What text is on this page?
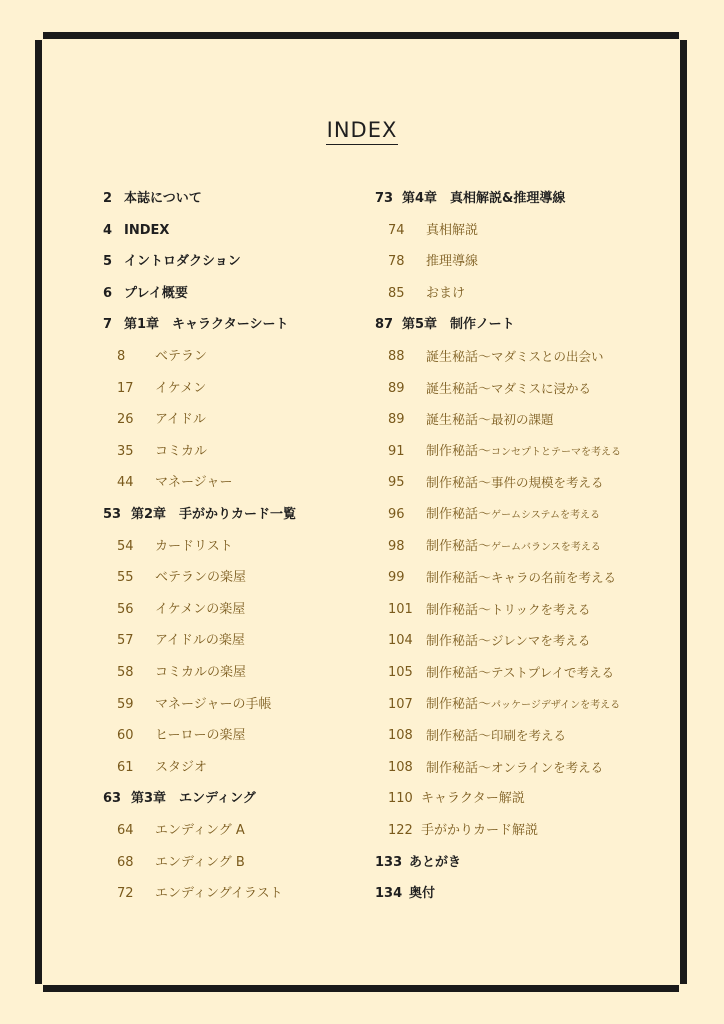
INDEX
2 本誌について
4 INDEX
5 イントロダクション
6 プレイ概要
7 第1章　キャラクターシート
8 ベテラン
17 イケメン
26 アイドル
35 コミカル
44 マネージャー
53 第2章　手がかりカード一覧
54 カードリスト
55 ベテランの楽屋
56 イケメンの楽屋
57 アイドルの楽屋
58 コミカルの楽屋
59 マネージャーの手帳
60 ヒーローの楽屋
61 スタジオ
63 第3章　エンディング
64 エンディング A
68 エンディング B
72 エンディングイラスト
73 第4章　真相解説&推理導線
74 真相解説
78 推理導線
85 おまけ
87 第5章　制作ノート
88 誕生秘話〜マダミスとの出会い
89 誕生秘話〜マダミスに浸かる
89 誕生秘話〜最初の課題
91 制作秘話〜コンセプトとテーマを考える
95 制作秘話〜事件の規模を考える
96 制作秘話〜ゲームシステムを考える
98 制作秘話〜ゲームバランスを考える
99 制作秘話〜キャラの名前を考える
101 制作秘話〜トリックを考える
104 制作秘話〜ジレンマを考える
105 制作秘話〜テストプレイで考える
107 制作秘話〜パッケージデザインを考える
108 制作秘話〜印刷を考える
108 制作秘話〜オンラインを考える
110 キャラクター解説
122 手がかりカード解説
133 あとがき
134 奥付
